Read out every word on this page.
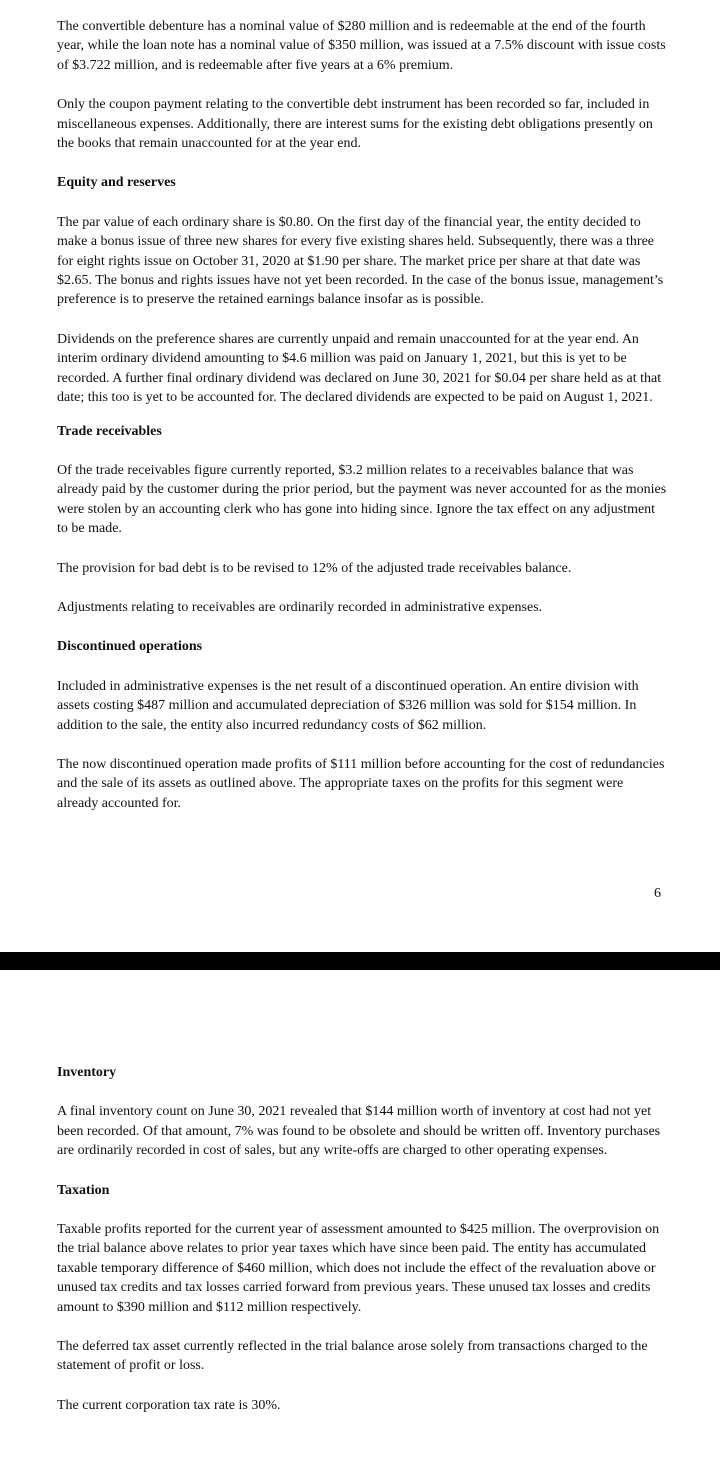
The convertible debenture has a nominal value of $280 million and is redeemable at the end of the fourth year, while the loan note has a nominal value of $350 million, was issued at a 7.5% discount with issue costs of $3.722 million, and is redeemable after five years at a 6% premium.

Only the coupon payment relating to the convertible debt instrument has been recorded so far, included in miscellaneous expenses. Additionally, there are interest sums for the existing debt obligations presently on the books that remain unaccounted for at the year end.

Equity and reserves

The par value of each ordinary share is $0.80. On the first day of the financial year, the entity decided to make a bonus issue of three new shares for every five existing shares held. Subsequently, there was a three for eight rights issue on October 31, 2020 at $1.90 per share. The market price per share at that date was $2.65. The bonus and rights issues have not yet been recorded. In the case of the bonus issue, management’s preference is to preserve the retained earnings balance insofar as is possible.

Dividends on the preference shares are currently unpaid and remain unaccounted for at the year end. An interim ordinary dividend amounting to $4.6 million was paid on January 1, 2021, but this is yet to be recorded. A further final ordinary dividend was declared on June 30, 2021 for $0.04 per share held as at that date; this too is yet to be accounted for. The declared dividends are expected to be paid on August 1, 2021.

Trade receivables

Of the trade receivables figure currently reported, $3.2 million relates to a receivables balance that was already paid by the customer during the prior period, but the payment was never accounted for as the monies were stolen by an accounting clerk who has gone into hiding since. Ignore the tax effect on any adjustment to be made.

The provision for bad debt is to be revised to 12% of the adjusted trade receivables balance.

Adjustments relating to receivables are ordinarily recorded in administrative expenses.

Discontinued operations

Included in administrative expenses is the net result of a discontinued operation. An entire division with assets costing $487 million and accumulated depreciation of $326 million was sold for $154 million. In addition to the sale, the entity also incurred redundancy costs of $62 million.

The now discontinued operation made profits of $111 million before accounting for the cost of redundancies and the sale of its assets as outlined above. The appropriate taxes on the profits for this segment were already accounted for.

6
Inventory

A final inventory count on June 30, 2021 revealed that $144 million worth of inventory at cost had not yet been recorded. Of that amount, 7% was found to be obsolete and should be written off. Inventory purchases are ordinarily recorded in cost of sales, but any write-offs are charged to other operating expenses.

Taxation

Taxable profits reported for the current year of assessment amounted to $425 million. The overprovision on the trial balance above relates to prior year taxes which have since been paid. The entity has accumulated taxable temporary difference of $460 million, which does not include the effect of the revaluation above or unused tax credits and tax losses carried forward from previous years. These unused tax losses and credits amount to $390 million and $112 million respectively.

The deferred tax asset currently reflected in the trial balance arose solely from transactions charged to the statement of profit or loss.

The current corporation tax rate is 30%.
